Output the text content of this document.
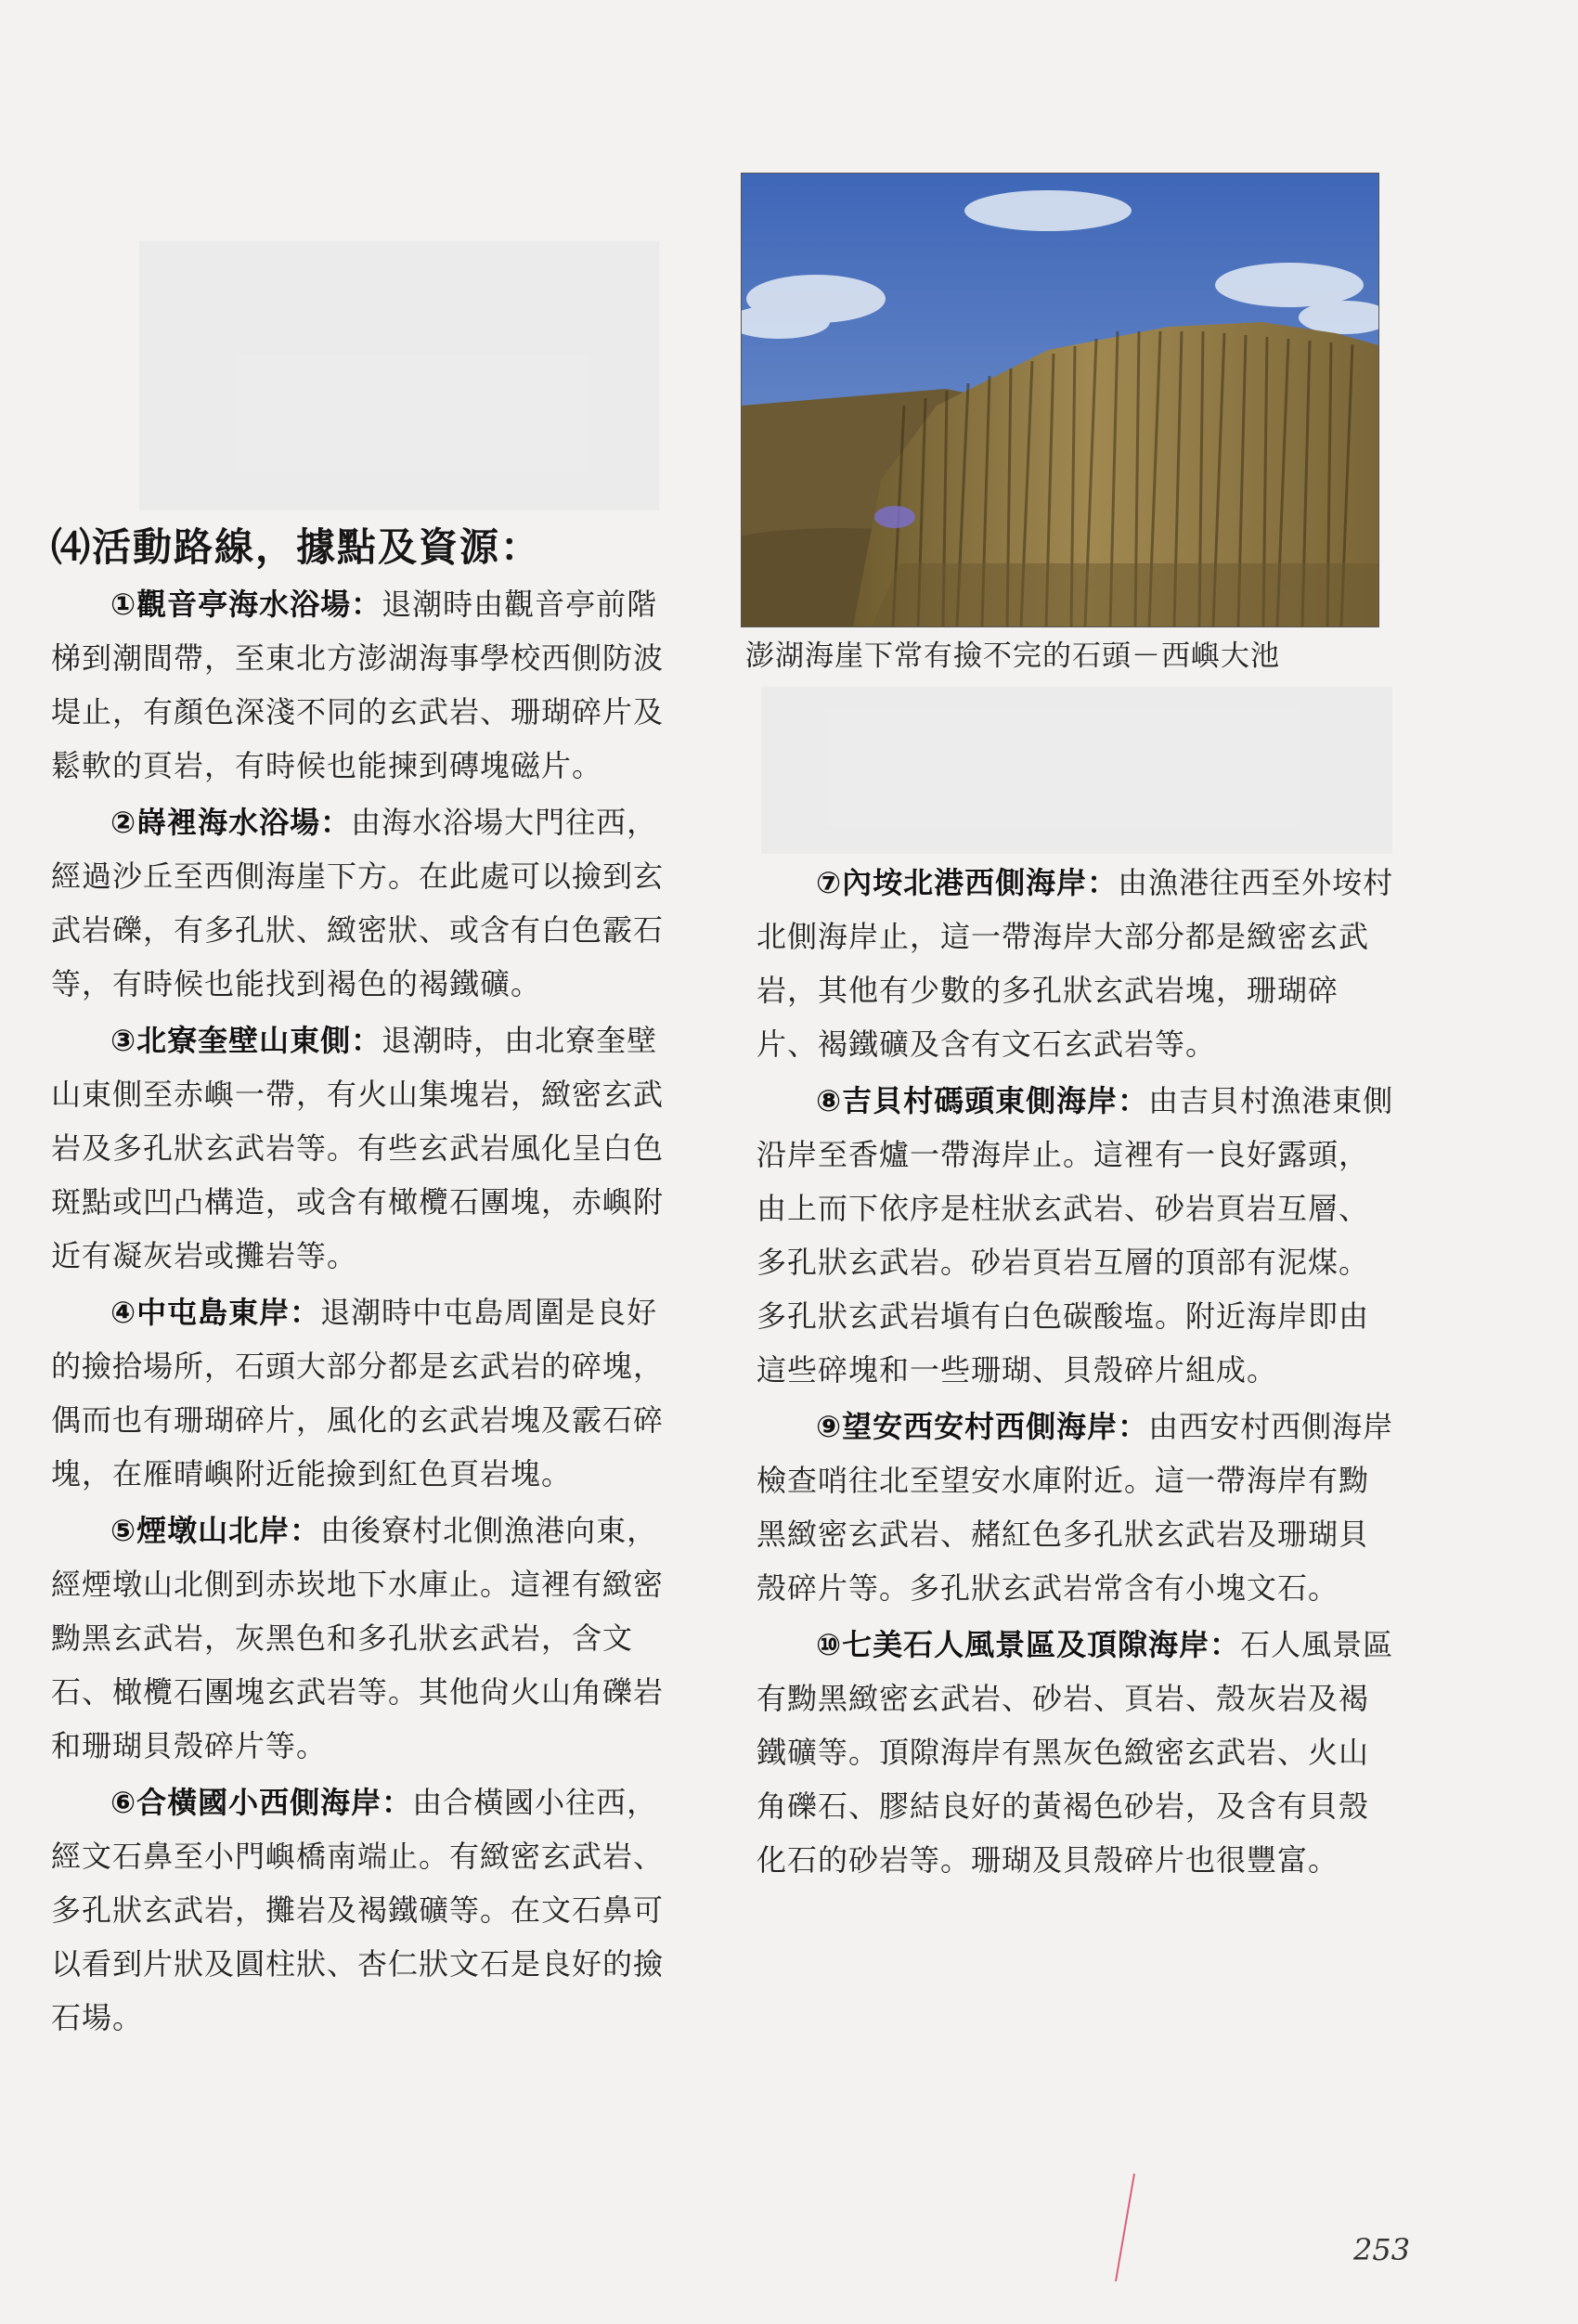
⑷活動路線，據點及資源：

①觀音亭海水浴場：退潮時由觀音亭前階梯到潮間帶，至東北方澎湖海事學校西側防波堤止，有顏色深淺不同的玄武岩、珊瑚碎片及鬆軟的頁岩，有時候也能揀到磚塊磁片。

②嵵裡海水浴場：由海水浴場大門往西，經過沙丘至西側海崖下方。在此處可以撿到玄武岩礫，有多孔狀、緻密狀、或含有白色霰石等，有時候也能找到褐色的褐鐵礦。

③北寮奎壁山東側：退潮時，由北寮奎壁山東側至赤嶼一帶，有火山集塊岩，緻密玄武岩及多孔狀玄武岩等。有些玄武岩風化呈白色斑點或凹凸構造，或含有橄欖石團塊，赤嶼附近有凝灰岩或攤岩等。

④中屯島東岸：退潮時中屯島周圍是良好的撿拾場所，石頭大部分都是玄武岩的碎塊，偶而也有珊瑚碎片，風化的玄武岩塊及霰石碎塊，在雁晴嶼附近能撿到紅色頁岩塊。

⑤煙墩山北岸：由後寮村北側漁港向東，經煙墩山北側到赤崁地下水庫止。這裡有緻密黝黑玄武岩，灰黑色和多孔狀玄武岩，含文石、橄欖石團塊玄武岩等。其他尙火山角礫岩和珊瑚貝殼碎片等。

⑥合橫國小西側海岸：由合橫國小往西，經文石鼻至小門嶼橋南端止。有緻密玄武岩、多孔狀玄武岩，攤岩及褐鐵礦等。在文石鼻可以看到片狀及圓柱狀、杏仁狀文石是良好的撿石場。

澎湖海崖下常有撿不完的石頭－西嶼大池

⑦內垵北港西側海岸：由漁港往西至外垵村北側海岸止，這一帶海岸大部分都是緻密玄武岩，其他有少數的多孔狀玄武岩塊，珊瑚碎片、褐鐵礦及含有文石玄武岩等。

⑧吉貝村碼頭東側海岸：由吉貝村漁港東側沿岸至香爐一帶海岸止。這裡有一良好露頭，由上而下依序是柱狀玄武岩、砂岩頁岩互層、多孔狀玄武岩。砂岩頁岩互層的頂部有泥煤。多孔狀玄武岩塡有白色碳酸塩。附近海岸即由這些碎塊和一些珊瑚、貝殼碎片組成。

⑨望安西安村西側海岸：由西安村西側海岸檢查哨往北至望安水庫附近。這一帶海岸有黝黑緻密玄武岩、赭紅色多孔狀玄武岩及珊瑚貝殼碎片等。多孔狀玄武岩常含有小塊文石。

⑩七美石人風景區及頂隙海岸：石人風景區有黝黑緻密玄武岩、砂岩、頁岩、殼灰岩及褐鐵礦等。頂隙海岸有黑灰色緻密玄武岩、火山角礫石、膠結良好的黃褐色砂岩，及含有貝殼化石的砂岩等。珊瑚及貝殼碎片也很豐富。

253
